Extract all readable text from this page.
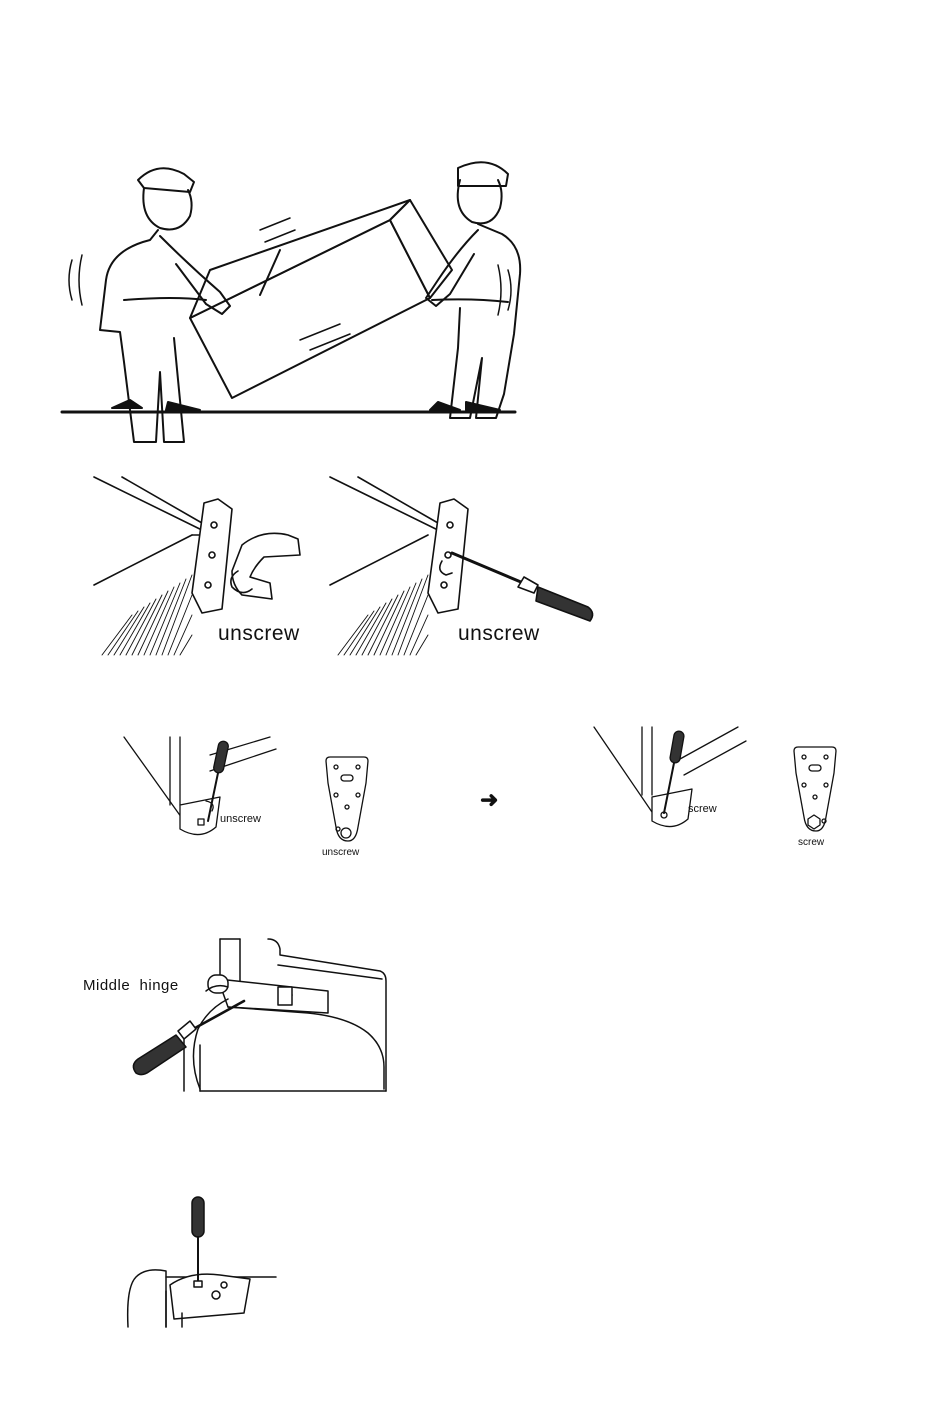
unscrew	unscrew
unscrew
unscrew
➜	screw
screw
Middle  hinge
